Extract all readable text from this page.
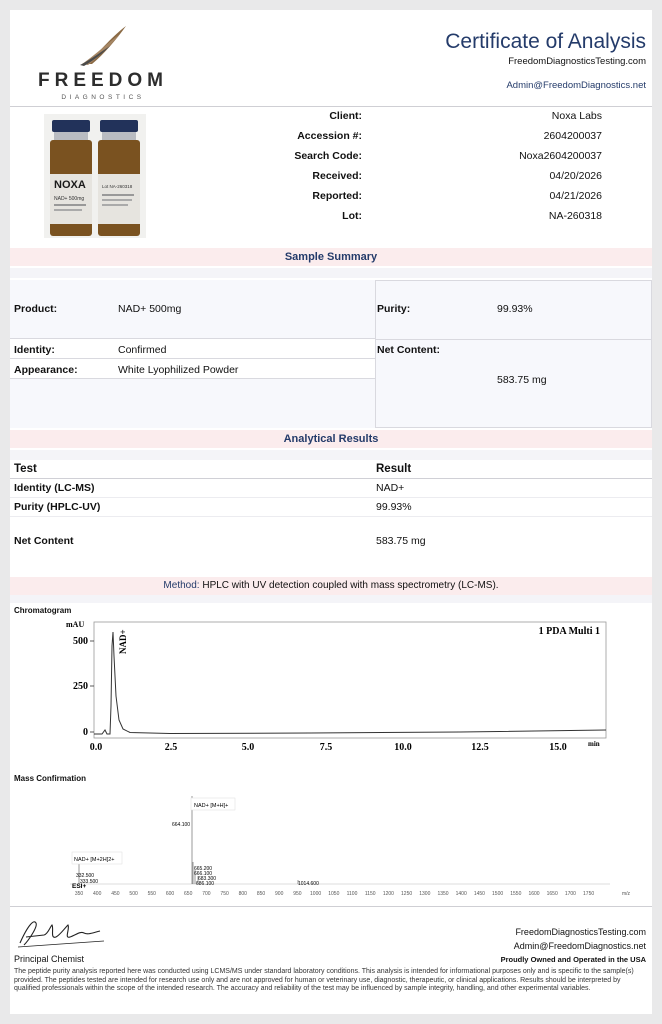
FREEDOM
DIAGNOSTICS
Certificate of Analysis
FreedomDiagnosticsTesting.com
Admin@FreedomDiagnostics.net
NOXA
NAD+ 500mg
Lot NA-260318
Client:	Noxa Labs
Accession #:	2604200037
Search Code:	Noxa2604200037
Received:	04/20/2026
Reported:	04/21/2026
Lot:	NA-260318
Sample Summary
Product:	NAD+ 500mg
Identity:	Confirmed
Appearance:	White Lyophilized Powder
Purity:	99.93%
Net Content:
583.75 mg
Analytical Results
Test	Result
Identity (LC-MS)	NAD+
Purity (HPLC-UV)	99.93%
Net Content	583.75 mg
Method: HPLC with UV detection coupled with mass spectrometry (LC-MS).
Chromatogram
mAU
1 PDA Multi 1
500
250
0
0.0	2.5	5.0	7.5	10.0	12.5	15.0	min
NAD+
Mass Confirmation
NAD+ [M+H]+
664.100
NAD+ [M+2H]2+
332.500
333.500
ESI+
665.200
666.100
683.300
686.100	1014.600
350 400 450 500 550 600 650 700 750 800 850 900 950 1000 1050 1100 1150 1200 1250 1300 1350 1400 1450 1500 1550 1600 1650 1700 1750	m/z
Principal Chemist
FreedomDiagnosticsTesting.com
Admin@FreedomDiagnostics.net
Proudly Owned and Operated in the USA
The peptide purity analysis reported here was conducted using LCMS/MS under standard laboratory conditions. This analysis is intended for informational purposes only and is specific to the sample(s) provided. The peptides tested are intended for research use only and are not approved for human or veterinary use, diagnostic, therapeutic, or clinical applications. Results should be interpreted by qualified professionals within the scope of the intended research. The accuracy and reliability of the test may be influenced by sample integrity, handling, and other experimental variables.
